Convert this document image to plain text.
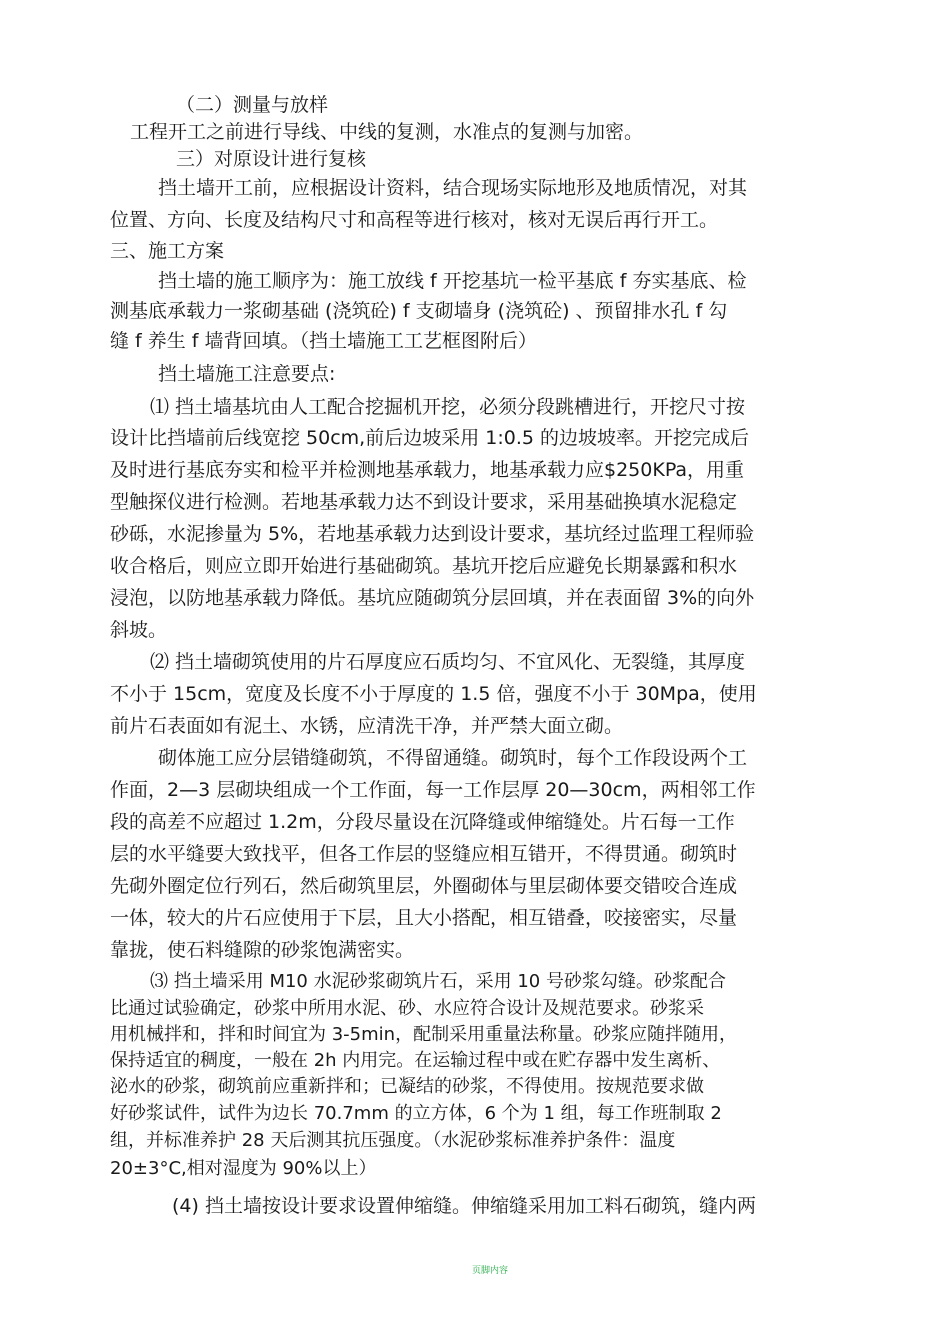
（二）测量与放样
工程开工之前进行导线、中线的复测，水准点的复测与加密。
三）对原设计进行复核
挡土墙开工前，应根据设计资料，结合现场实际地形及地质情况，对其
位置、方向、长度及结构尺寸和高程等进行核对，核对无误后再行开工。
三、施工方案
挡土墙的施工顺序为：施工放线 f 开挖基坑一检平基底 f 夯实基底、检
测基底承载力一浆砌基础 (浇筑砼) f 支砌墙身 (浇筑砼) 、预留排水孔 f 勾
缝 f 养生 f 墙背回填。（挡土墙施工工艺框图附后）
挡土墙施工注意要点:
⑴ 挡土墙基坑由人工配合挖掘机开挖，必须分段跳槽进行，开挖尺寸按
设计比挡墙前后线宽挖 50cm,前后边坡采用 1:0.5 的边坡坡率。开挖完成后
及时进行基底夯实和检平并检测地基承载力，地基承载力应$250KPa，用重
型触探仪进行检测。若地基承载力达不到设计要求，采用基础换填水泥稳定
砂砾，水泥掺量为 5%，若地基承载力达到设计要求，基坑经过监理工程师验
收合格后，则应立即开始进行基础砌筑。基坑开挖后应避免长期暴露和积水
浸泡，以防地基承载力降低。基坑应随砌筑分层回填，并在表面留 3%的向外
斜坡。
⑵ 挡土墙砌筑使用的片石厚度应石质均匀、不宜风化、无裂缝，其厚度
不小于 15cm，宽度及长度不小于厚度的 1.5 倍，强度不小于 30Mpa，使用
前片石表面如有泥土、水锈，应清洗干净，并严禁大面立砌。
砌体施工应分层错缝砌筑，不得留通缝。砌筑时，每个工作段设两个工
作面，2—3 层砌块组成一个工作面，每一工作层厚 20—30cm，两相邻工作
段的高差不应超过 1.2m，分段尽量设在沉降缝或伸缩缝处。片石每一工作
层的水平缝要大致找平，但各工作层的竖缝应相互错开，不得贯通。砌筑时
先砌外圈定位行列石，然后砌筑里层，外圈砌体与里层砌体要交错咬合连成
一体，较大的片石应使用于下层，且大小搭配，相互错叠，咬接密实，尽量
靠拢，使石料缝隙的砂浆饱满密实。
⑶ 挡土墙采用 M10 水泥砂浆砌筑片石，采用 10 号砂浆勾缝。砂浆配合
比通过试验确定，砂浆中所用水泥、砂、水应符合设计及规范要求。砂浆采
用机械拌和，拌和时间宜为 3-5min，配制采用重量法称量。砂浆应随拌随用，
保持适宜的稠度，一般在 2h 内用完。在运输过程中或在贮存器中发生离析、
泌水的砂浆，砌筑前应重新拌和；已凝结的砂浆，不得使用。按规范要求做
好砂浆试件，试件为边长 70.7mm 的立方体，6 个为 1 组，每工作班制取 2
组，并标准养护 28 天后测其抗压强度。（水泥砂浆标准养护条件：温度
20±3°C,相对湿度为 90%以上）
(4) 挡土墙按设计要求设置伸缩缝。伸缩缝采用加工料石砌筑，缝内两
页脚内容
